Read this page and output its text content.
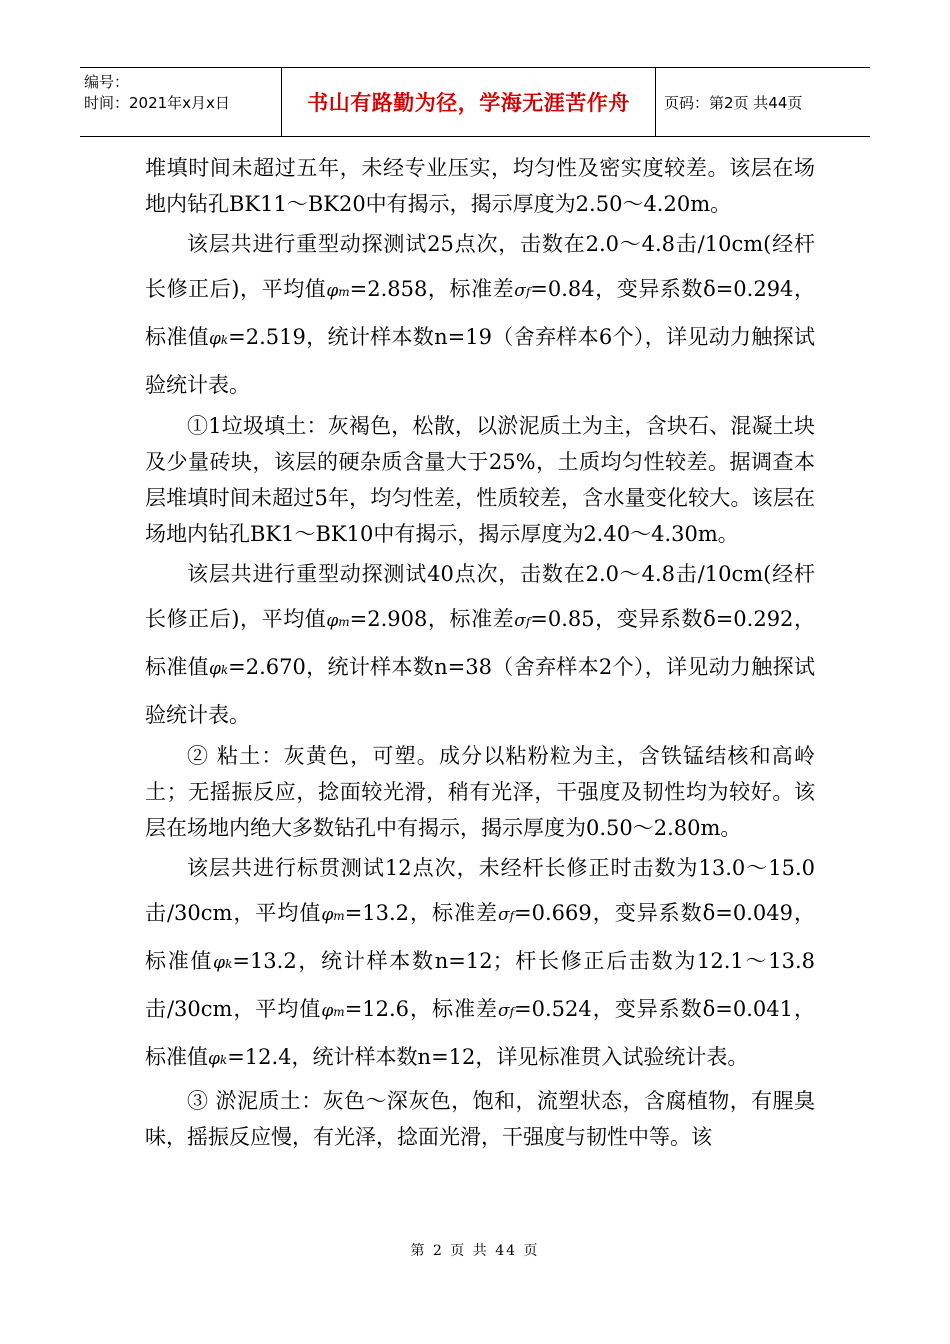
编号：
时间：2021年x月x日	书山有路勤为径，学海无涯苦作舟	页码：第2页 共44页

堆填时间未超过五年，未经专业压实，均匀性及密实度较差。该层在场地内钻孔BK11～BK20中有揭示，揭示厚度为2.50～4.20m。

该层共进行重型动探测试25点次，击数在2.0～4.8击/10cm(经杆长修正后)，平均值φm=2.858，标准差σf=0.84，变异系数δ=0.294，标准值φk=2.519，统计样本数n=19（舍弃样本6个），详见动力触探试验统计表。

①1垃圾填土：灰褐色，松散，以淤泥质土为主，含块石、混凝土块及少量砖块，该层的硬杂质含量大于25%，土质均匀性较差。据调查本层堆填时间未超过5年，均匀性差，性质较差，含水量变化较大。该层在场地内钻孔BK1～BK10中有揭示，揭示厚度为2.40～4.30m。

该层共进行重型动探测试40点次，击数在2.0～4.8击/10cm(经杆长修正后)，平均值φm=2.908，标准差σf=0.85，变异系数δ=0.292，标准值φk=2.670，统计样本数n=38（舍弃样本2个），详见动力触探试验统计表。

② 粘土：灰黄色，可塑。成分以粘粉粒为主，含铁锰结核和高岭土；无摇振反应，捻面较光滑，稍有光泽，干强度及韧性均为较好。该层在场地内绝大多数钻孔中有揭示，揭示厚度为0.50～2.80m。

该层共进行标贯测试12点次，未经杆长修正时击数为13.0～15.0击/30cm，平均值φm=13.2，标准差σf=0.669，变异系数δ=0.049，标准值φk=13.2，统计样本数n=12；杆长修正后击数为12.1～13.8击/30cm，平均值φm=12.6，标准差σf=0.524，变异系数δ=0.041，标准值φk=12.4，统计样本数n=12，详见标准贯入试验统计表。

③ 淤泥质土：灰色～深灰色，饱和，流塑状态，含腐植物，有腥臭味，摇振反应慢，有光泽，捻面光滑，干强度与韧性中等。该

第 2 页 共 44 页
